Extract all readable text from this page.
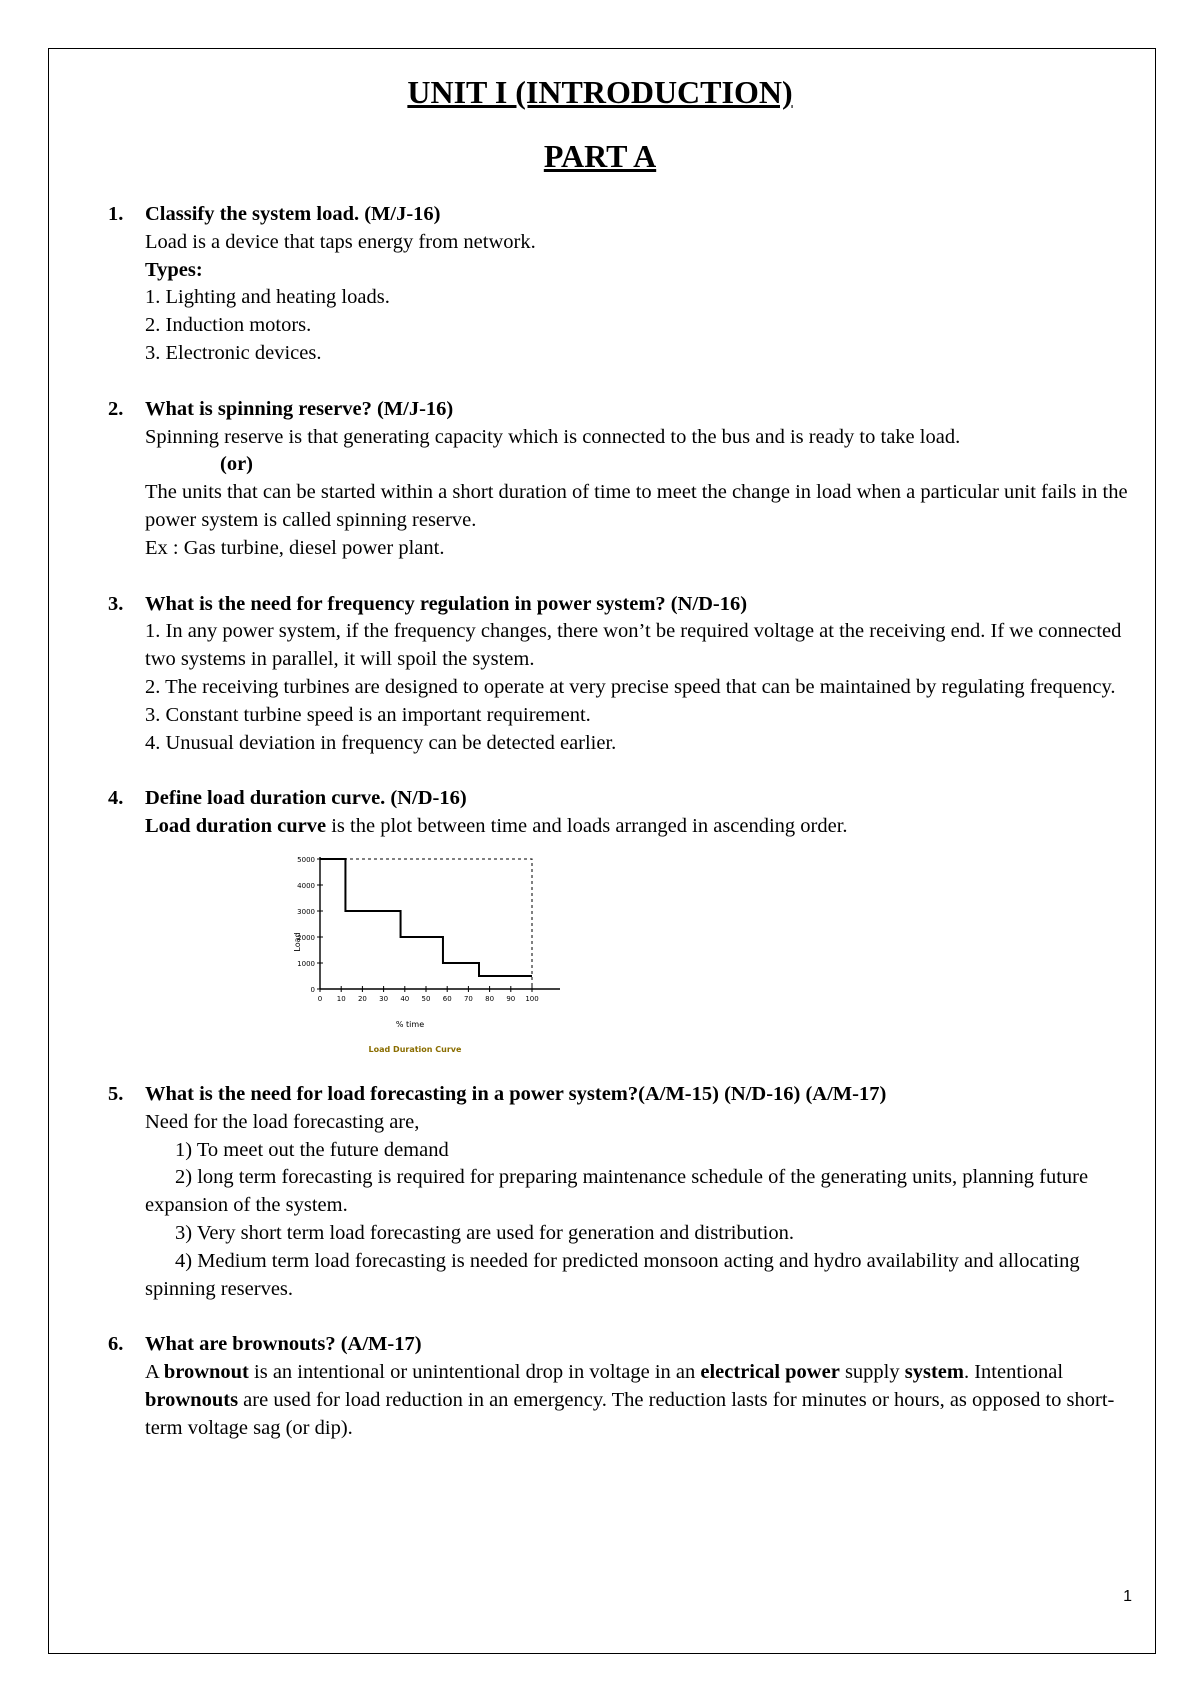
UNIT I (INTRODUCTION)
PART A
1. Classify the system load. (M/J-16)
Load is a device that taps energy from network.
Types:
1. Lighting and heating loads.
2. Induction motors.
3. Electronic devices.
2. What is spinning reserve? (M/J-16)
Spinning reserve is that generating capacity which is connected to the bus and is ready to take load.
(or)
The units that can be started within a short duration of time to meet the change in load when a particular unit fails in the power system is called spinning reserve.
Ex : Gas turbine, diesel power plant.
3. What is the need for frequency regulation in power system? (N/D-16)
1. In any power system, if the frequency changes, there won’t be required voltage at the receiving end. If we connected two systems in parallel, it will spoil the system.
2. The receiving turbines are designed to operate at very precise speed that can be maintained by regulating frequency.
3. Constant turbine speed is an important requirement.
4. Unusual deviation in frequency can be detected earlier.
4. Define load duration curve. (N/D-16)
Load duration curve is the plot between time and loads arranged in ascending order.
0
1000
2000
3000
4000
5000
0 10 20 30 40 50 60 70 80 90 100
Load
% time
Load Duration Curve
5. What is the need for load forecasting in a power system?(A/M-15) (N/D-16) (A/M-17)
Need for the load forecasting are,
1) To meet out the future demand
2) long term forecasting is required for preparing maintenance schedule of the generating units, planning future expansion of the system.
3) Very short term load forecasting are used for generation and distribution.
4) Medium term load forecasting is needed for predicted monsoon acting and hydro availability and allocating spinning reserves.
6. What are brownouts? (A/M-17)
A brownout is an intentional or unintentional drop in voltage in an electrical power supply system. Intentional brownouts are used for load reduction in an emergency. The reduction lasts for minutes or hours, as opposed to short-term voltage sag (or dip).
1
